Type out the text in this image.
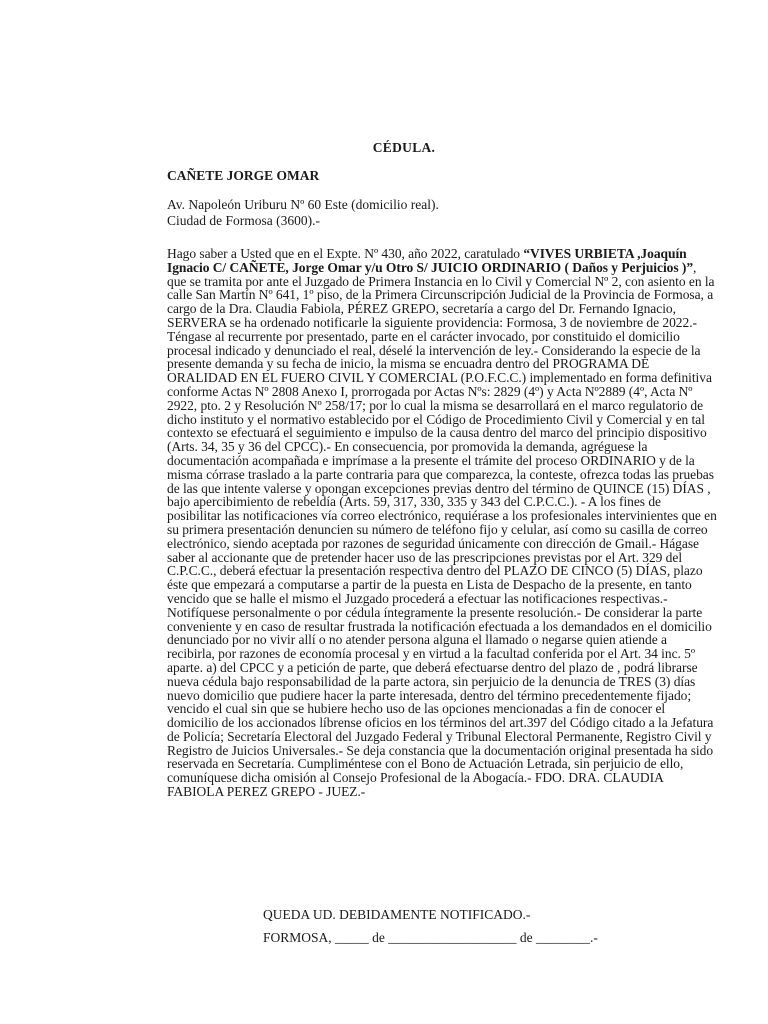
CÉDULA.
CAÑETE JORGE OMAR
Av. Napoleón Uriburu Nº 60 Este (domicilio real).
Ciudad de Formosa (3600).-
Hago saber a Usted que en el Expte. Nº 430, año 2022, caratulado “VIVES URBIETA ,Joaquín Ignacio C/ CAÑETE, Jorge Omar y/u Otro S/ JUICIO ORDINARIO ( Daños y Perjuicios )”, que se tramita por ante el Juzgado de Primera Instancia en lo Civil y Comercial Nº 2, con asiento en la calle San Martín Nº 641, 1º piso, de la Primera Circunscripción Judicial de la Provincia de Formosa, a cargo de la Dra. Claudia Fabiola, PÉREZ GREPO, secretaría a cargo del Dr. Fernando Ignacio, SERVERA se ha ordenado notificarle la siguiente providencia: Formosa, 3 de noviembre de 2022.- Téngase al recurrente por presentado, parte en el carácter invocado, por constituido el domicilio procesal indicado y denunciado el real, déselé la intervención de ley.- Considerando la especie de la presente demanda y su fecha de inicio, la misma se encuadra dentro del PROGRAMA DE ORALIDAD EN EL FUERO CIVIL Y COMERCIAL (P.O.F.C.C.) implementado en forma definitiva conforme Actas Nº 2808 Anexo I, prorrogada por Actas Nºs: 2829 (4º) y Acta Nº2889 (4º, Acta Nº 2922, pto. 2 y Resolución Nº 258/17; por lo cual la misma se desarrollará en el marco regulatorio de dicho instituto y el normativo establecido por el Código de Procedimiento Civil y Comercial y en tal contexto se efectuará el seguimiento e impulso de la causa dentro del marco del principio dispositivo (Arts. 34, 35 y 36 del CPCC).- En consecuencia, por promovida la demanda, agréguese la documentación acompañada e imprímase a la presente el trámite del proceso ORDINARIO y de la misma córrase traslado a la parte contraria para que comparezca, la conteste, ofrezca todas las pruebas de las que intente valerse y opongan excepciones previas dentro del término de QUINCE (15) DÍAS , bajo apercibimiento de rebeldía (Arts. 59, 317, 330, 335 y 343 del C.P.C.C.). - A los fines de posibilitar las notificaciones vía correo electrónico, requiérase a los profesionales intervinientes que en su primera presentación denuncien su número de teléfono fijo y celular, así como su casilla de correo electrónico, siendo aceptada por razones de seguridad únicamente con dirección de Gmail.- Hágase saber al accionante que de pretender hacer uso de las prescripciones previstas por el Art. 329 del C.P.C.C., deberá efectuar la presentación respectiva dentro del PLAZO DE CINCO (5) DÍAS, plazo éste que empezará a computarse a partir de la puesta en Lista de Despacho de la presente, en tanto vencido que se halle el mismo el Juzgado procederá a efectuar las notificaciones respectivas.- Notifíquese personalmente o por cédula íntegramente la presente resolución.- De considerar la parte conveniente y en caso de resultar frustrada la notificación efectuada a los demandados en el domicilio denunciado por no vivir allí o no atender persona alguna el llamado o negarse quien atiende a recibirla, por razones de economía procesal y en virtud a la facultad conferida por el Art. 34 inc. 5º aparte. a) del CPCC y a petición de parte, que deberá efectuarse dentro del plazo de , podrá librarse nueva cédula bajo responsabilidad de la parte actora, sin perjuicio de la denuncia de TRES (3) días nuevo domicilio que pudiere hacer la parte interesada, dentro del término precedentemente fijado; vencido el cual sin que se hubiere hecho uso de las opciones mencionadas a fin de conocer el domicilio de los accionados líbrense oficios en los términos del art.397 del Código citado a la Jefatura de Policía; Secretaría Electoral del Juzgado Federal y Tribunal Electoral Permanente, Registro Civil y Registro de Juicios Universales.- Se deja constancia que la documentación original presentada ha sido reservada en Secretaría. Cumpliméntese con el Bono de Actuación Letrada, sin perjuicio de ello, comuníquese dicha omisión al Consejo Profesional de la Abogacía.- FDO. DRA. CLAUDIA FABIOLA PEREZ GREPO - JUEZ.-
QUEDA UD. DEBIDAMENTE NOTIFICADO.-
FORMOSA, _____ de ___________________ de ________.-
